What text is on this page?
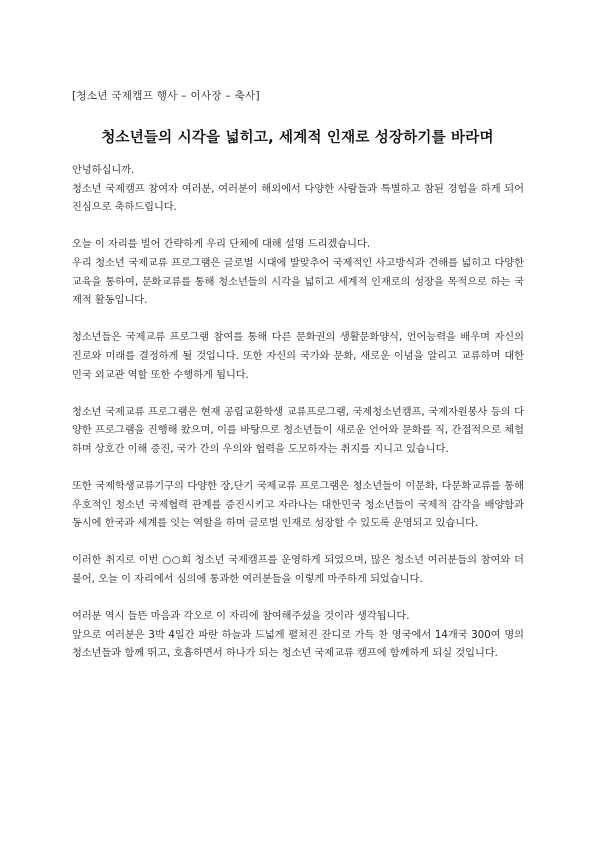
[청소년 국제캠프 행사 – 이사장 – 축사]
청소년들의 시각을 넓히고, 세계적 인재로 성장하기를 바라며

안녕하십니까.

청소년 국제캠프 참여자 여러분, 여러분이 해외에서 다양한 사람들과 특별하고 참된 경험을 하게 되어 진심으로 축하드립니다.

오늘 이 자리를 빌어 간략하게 우리 단체에 대해 설명 드리겠습니다.

우리 청소년 국제교류 프로그램은 글로벌 시대에 발맞추어 국제적인 사고방식과 견해를 넓히고 다양한 교육을 통하여, 문화교류를 통해 청소년들의 시각을 넓히고 세계적 인재로의 성장을 목적으로 하는 국제적 활동입니다.

청소년들은 국제교류 프로그램 참여를 통해 다른 문화권의 생활문화양식, 언어능력을 배우며 자신의 진로와 미래를 결정하게 될 것입니다. 또한 자신의 국가와 문화, 새로운 이념을 알리고 교류하며 대한민국 외교관 역할 또한 수행하게 됩니다.

청소년 국제교류 프로그램은 현재 공립교환학생 교류프로그램, 국제청소년캠프, 국제자원봉사 등의 다양한 프로그램을 진행해 왔으며, 이를 바탕으로 청소년들이 새로운 언어와 문화를 직, 간접적으로 체험하며 상호간 이해 증진, 국가 간의 우의와 협력을 도모하자는 취지를 지니고 있습니다.

또한 국제학생교류기구의 다양한 장,단기 국제교류 프로그램은 청소년들이 이문화, 다문화교류를 통해 우호적인 청소년 국제협력 관계를 증진시키고 자라나는 대한민국 청소년들이 국제적 감각을 배양함과 동시에 한국과 세계를 잇는 역할을 하며 글로벌 인재로 성장할 수 있도록 운영되고 있습니다.

이러한 취지로 이번 ○○회 청소년 국제캠프를 운영하게 되었으며, 많은 청소년 여러분들의 참여와 더불어, 오늘 이 자리에서 심의에 통과한 여러분들을 이렇게 마주하게 되었습니다.

여러분 역시 들뜬 마음과 각오로 이 자리에 참여해주셨을 것이라 생각됩니다.

앞으로 여러분은 3박 4일간 파란 하늘과 드넓게 펼쳐진 잔디로 가득 찬 영국에서 14개국 300여 명의 청소년들과 함께 뛰고, 호흡하면서 하나가 되는 청소년 국제교류 캠프에 함께하게 되실 것입니다.
